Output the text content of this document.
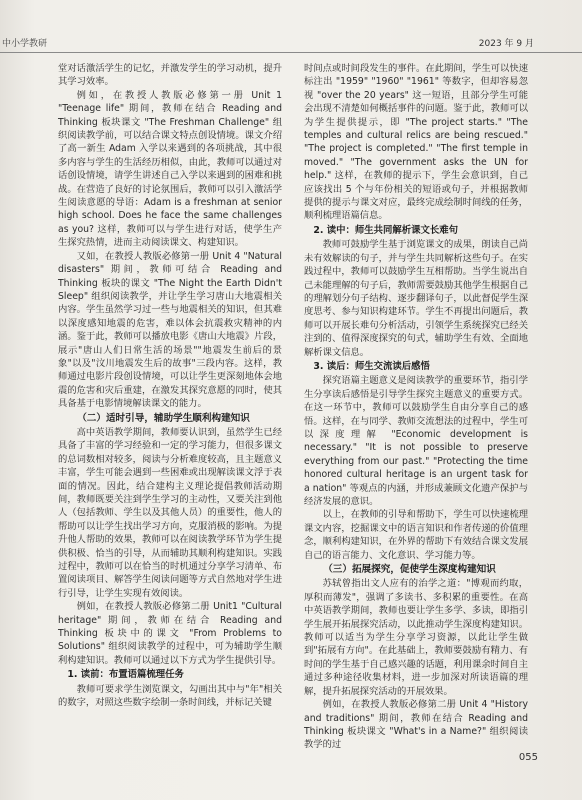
中小学教研	2023 年 9 月

堂对话激活学生的记忆，并激发学生的学习动机，提升其学习效率。

例如，在教授人教版必修第一册 Unit 1 "Teenage life" 期间，教师在结合 Reading and Thinking 板块课文 "The Freshman Challenge" 组织阅读教学前，可以结合课文特点创设情境。课文介绍了高一新生 Adam 入学以来遇到的各项挑战，其中很多内容与学生的生活经历相似，由此，教师可以通过对话创设情境，请学生讲述自己入学以来遇到的困难和挑战。在营造了良好的讨论氛围后，教师可以引入激活学生阅读意愿的导语：Adam is a freshman at senior high school. Does he face the same challenges as you? 这样，教师可以与学生进行对话，使学生产生探究热情，进而主动阅读课文、构建知识。

又如，在教授人教版必修第一册 Unit 4 "Natural disasters" 期间，教师可结合 Reading and Thinking 板块的课文 "The Night the Earth Didn't Sleep" 组织阅读教学，并让学生学习唐山大地震相关内容。学生虽然学习过一些与地震相关的知识，但其难以深度感知地震的危害，难以体会抗震救灾精神的内涵。鉴于此，教师可以播放电影《唐山大地震》片段，展示"唐山人们日常生活的场景""地震发生前后的景象"以及"汶川地震发生后的故事"三段内容。这样，教师通过电影片段创设情境，可以让学生更深刻地体会地震的危害和灾后重建，在激发其探究意愿的同时，使其具备基于电影情境解读课文的能力。

（二）适时引导，辅助学生顺利构建知识

高中英语教学期间，教师要认识到，虽然学生已经具备了丰富的学习经验和一定的学习能力，但很多课文的总词数相对较多，阅读与分析难度较高，且主题意义丰富，学生可能会遇到一些困难或出现解读课文浮于表面的情况。因此，结合建构主义理论提倡教师活动期间，教师既要关注到学生学习的主动性，又要关注到他人（包括教师、学生以及其他人员）的重要性，他人的帮助可以让学生找出学习方向，克服消极的影响。为提升他人帮助的效果，教师可以在阅读教学环节为学生提供积极、恰当的引导，从而辅助其顺利构建知识。实践过程中，教师可以在恰当的时机通过分享学习清单、布置阅读项目、解答学生阅读问题等方式自然地对学生进行引导，让学生实现有效阅读。

例如，在教授人教版必修第二册 Unit1 "Cultural heritage" 期间，教师在结合 Reading and Thinking 板块中的课文 "From Problems to Solutions" 组织阅读教学的过程中，可为辅助学生顺利构建知识。教师可以通过以下方式为学生提供引导。

1. 读前：布置语篇梳理任务

教师可要求学生浏览课文，勾画出其中与"年"相关的数字，对照这些数字绘制一条时间线，并标记关键

时间点或时间段发生的事件。在此期间，学生可以快速标注出 "1959" "1960" "1961" 等数字，但却容易忽视 "over the 20 years" 这一短语，且部分学生可能会出现不清楚如何概括事件的问题。鉴于此，教师可以为学生提供提示，即 "The project starts." "The temples and cultural relics are being rescued." "The project is completed." "The first temple in moved." "The government asks the UN for help." 这样，在教师的提示下，学生会意识到，自己应该找出 5 个与年份相关的短语或句子，并根据教师提供的提示与课文对应，最终完成绘制时间线的任务，顺利梳理语篇信息。

2. 读中：师生共同解析课文长难句

教师可鼓励学生基于浏览课文的成果，朗读自己尚未有效解读的句子，并与学生共同解析这些句子。在实践过程中，教师可以鼓励学生互相帮助。当学生说出自己未能理解的句子后，教师需要鼓励其他学生根据自己的理解划分句子结构、逐步翻译句子，以此督促学生深度思考、参与知识构建环节。学生不再提出问题后，教师可以开展长难句分析活动，引领学生系统探究已经关注到的、值得深度探究的句式，辅助学生有效、全面地解析课文信息。

3. 读后：师生交流读后感悟

探究语篇主题意义是阅读教学的重要环节，指引学生分享读后感悟是引导学生探究主题意义的重要方式。在这一环节中，教师可以鼓励学生自由分享自己的感悟。这样，在与同学、教师交流想法的过程中，学生可以深度理解 "Economic development is necessary." "It is not possible to preserve everything from our past." "Protecting the time honored cultural heritage is an urgent task for a nation" 等观点的内涵，并形成兼顾文化遗产保护与经济发展的意识。

以上，在教师的引导和帮助下，学生可以快速梳理课文内容，挖掘课文中的语言知识和作者传递的价值理念，顺利构建知识，在外界的帮助下有效结合课文发展自己的语言能力、文化意识、学习能力等。

（三）拓展探究，促使学生深度构建知识

苏轼曾指出文人应有的治学之道："博观而约取，厚积而薄发"，强调了多读书、多积累的重要性。在高中英语教学期间，教师也要让学生多学、多读，即指引学生展开拓展探究活动，以此推动学生深度构建知识。教师可以适当为学生分享学习资源，以此让学生做到"拓展有方向"。在此基础上，教师要鼓励有精力、有时间的学生基于自己感兴趣的话题，利用课余时间自主通过多种途径收集材料，进一步加深对所读语篇的理解，提升拓展探究活动的开展效果。

例如，在教授人教版必修第二册 Unit 4 "History and traditions" 期间，教师在结合 Reading and Thinking 板块课文 "What's in a Name?" 组织阅读教学的过

055
